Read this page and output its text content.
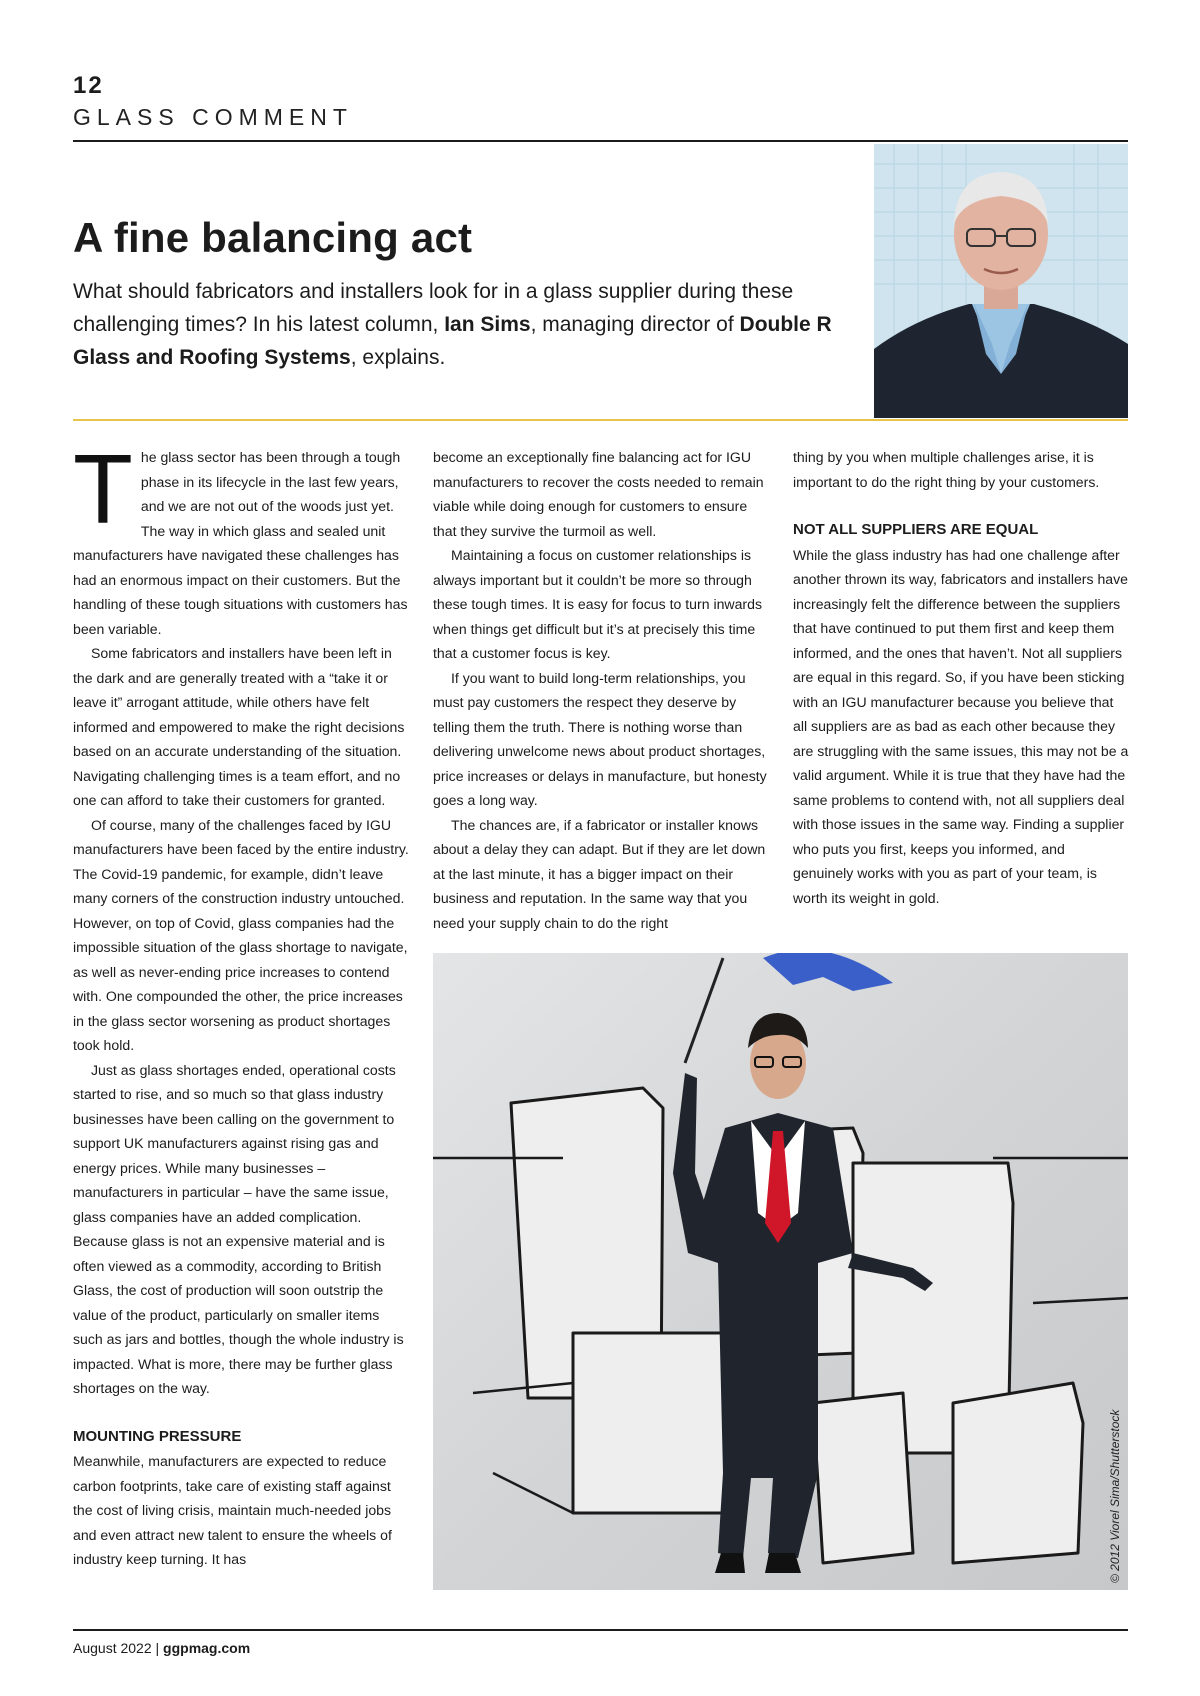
12
GLASS COMMENT
A fine balancing act
What should fabricators and installers look for in a glass supplier during these challenging times? In his latest column, Ian Sims, managing director of Double R Glass and Roofing Systems, explains.
T he glass sector has been through a tough phase in its lifecycle in the last few years, and we are not out of the woods just yet. The way in which glass and sealed unit manufacturers have navigated these challenges has had an enormous impact on their customers. But the handling of these tough situations with customers has been variable.

Some fabricators and installers have been left in the dark and are generally treated with a “take it or leave it” arrogant attitude, while others have felt informed and empowered to make the right decisions based on an accurate understanding of the situation. Navigating challenging times is a team effort, and no one can afford to take their customers for granted.

Of course, many of the challenges faced by IGU manufacturers have been faced by the entire industry. The Covid-19 pandemic, for example, didn’t leave many corners of the construction industry untouched. However, on top of Covid, glass companies had the impossible situation of the glass shortage to navigate, as well as never-ending price increases to contend with. One compounded the other, the price increases in the glass sector worsening as product shortages took hold.

Just as glass shortages ended, operational costs started to rise, and so much so that glass industry businesses have been calling on the government to support UK manufacturers against rising gas and energy prices. While many businesses – manufacturers in particular – have the same issue, glass companies have an added complication. Because glass is not an expensive material and is often viewed as a commodity, according to British Glass, the cost of production will soon outstrip the value of the product, particularly on smaller items such as jars and bottles, though the whole industry is impacted. What is more, there may be further glass shortages on the way.

MOUNTING PRESSURE

Meanwhile, manufacturers are expected to reduce carbon footprints, take care of existing staff against the cost of living crisis, maintain much-needed jobs and even attract new talent to ensure the wheels of industry keep turning. It has

become an exceptionally fine balancing act for IGU manufacturers to recover the costs needed to remain viable while doing enough for customers to ensure that they survive the turmoil as well.

Maintaining a focus on customer relationships is always important but it couldn’t be more so through these tough times. It is easy for focus to turn inwards when things get difficult but it’s at precisely this time that a customer focus is key.

If you want to build long-term relationships, you must pay customers the respect they deserve by telling them the truth. There is nothing worse than delivering unwelcome news about product shortages, price increases or delays in manufacture, but honesty goes a long way.

The chances are, if a fabricator or installer knows about a delay they can adapt. But if they are let down at the last minute, it has a bigger impact on their business and reputation. In the same way that you need your supply chain to do the right

thing by you when multiple challenges arise, it is important to do the right thing by your customers.

NOT ALL SUPPLIERS ARE EQUAL

While the glass industry has had one challenge after another thrown its way, fabricators and installers have increasingly felt the difference between the suppliers that have continued to put them first and keep them informed, and the ones that haven’t. Not all suppliers are equal in this regard. So, if you have been sticking with an IGU manufacturer because you believe that all suppliers are as bad as each other because they are struggling with the same issues, this may not be a valid argument. While it is true that they have had the same problems to contend with, not all suppliers deal with those issues in the same way. Finding a supplier who puts you first, keeps you informed, and genuinely works with you as part of your team, is worth its weight in gold.

© 2012 Viorel Sima/Shutterstock
August 2022 | ggpmag.com
